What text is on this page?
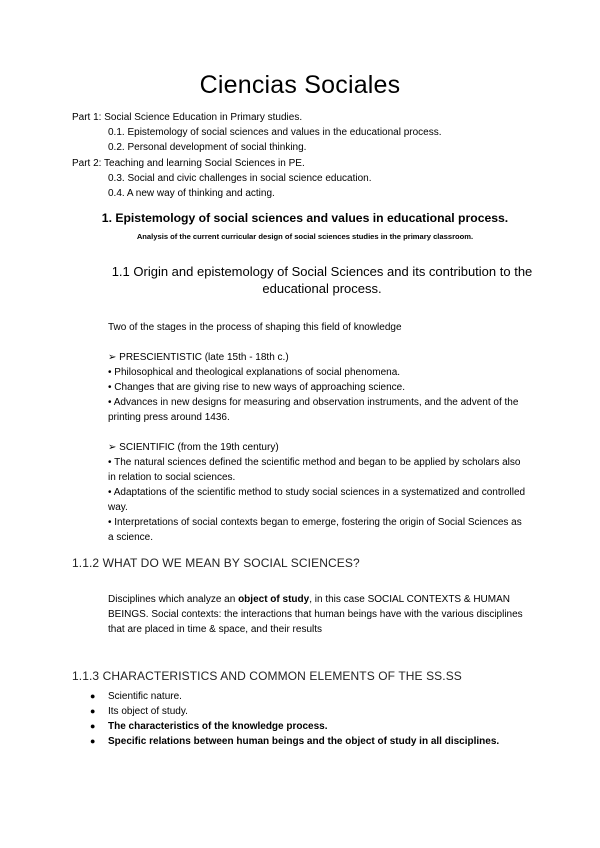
Ciencias Sociales
Part 1: Social Science Education in Primary studies.
0.1. Epistemology of social sciences and values in the educational process.
0.2. Personal development of social thinking.
Part 2: Teaching and learning Social Sciences in PE.
0.3. Social and civic challenges in social science education.
0.4. A new way of thinking and acting.
1. Epistemology of social sciences and values in educational process.
Analysis of the current curricular design of social sciences studies in the primary classroom.
1.1 Origin and epistemology of Social Sciences and its contribution to the educational process.

Two of the stages in the process of shaping this field of knowledge

➢ PRESCIENTISTIC (late 15th - 18th c.)

• Philosophical and theological explanations of social phenomena.

• Changes that are giving rise to new ways of approaching science.

• Advances in new designs for measuring and observation instruments, and the advent of the printing press around 1436.

➢ SCIENTIFIC (from the 19th century)

• The natural sciences defined the scientific method and began to be applied by scholars also in relation to social sciences.

• Adaptations of the scientific method to study social sciences in a systematized and controlled way.

• Interpretations of social contexts began to emerge, fostering the origin of Social Sciences as a science.

1.1.2 WHAT DO WE MEAN BY SOCIAL SCIENCES?

Disciplines which analyze an object of study, in this case SOCIAL CONTEXTS & HUMAN BEINGS. Social contexts: the interactions that human beings have with the various disciplines that are placed in time & space, and their results

1.1.3 CHARACTERISTICS AND COMMON ELEMENTS OF THE SS.SS
● Scientific nature.
● Its object of study.
● The characteristics of the knowledge process.
● Specific relations between human beings and the object of study in all disciplines.
